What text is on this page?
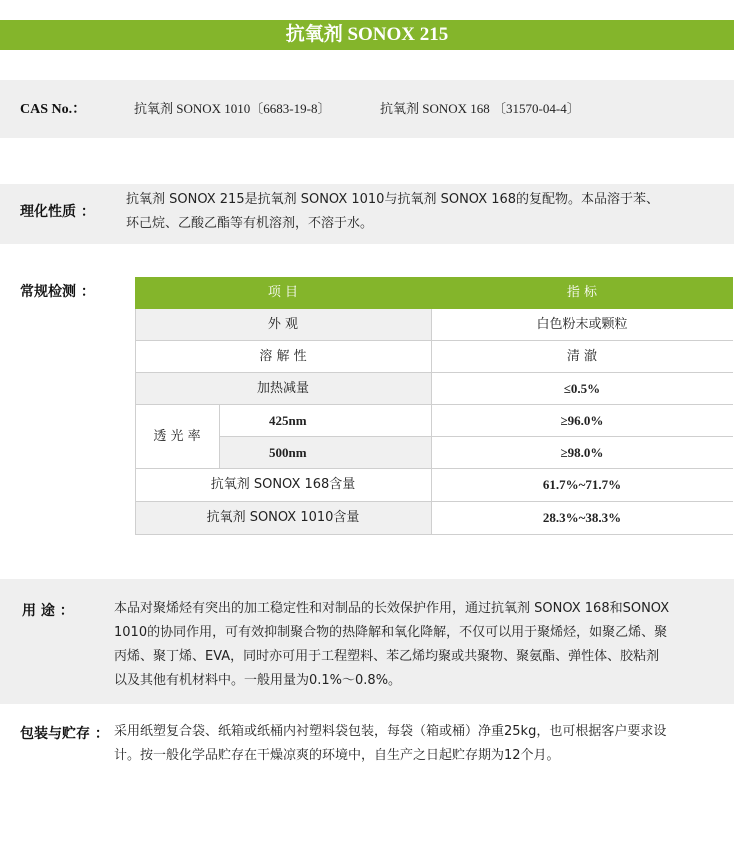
抗氧剂 SONOX 215
CAS No.：	抗氧剂 SONOX 1010〔6683-19-8〕	抗氧剂 SONOX 168 〔31570-04-4〕
理化性质 ：
抗氧剂 SONOX 215是抗氧剂 SONOX 1010与抗氧剂 SONOX 168的复配物。本品溶于苯、
环己烷、乙酸乙酯等有机溶剂，不溶于水。
常规检测 ：	项 目	指 标
外 观	白色粉末或颗粒
溶 解 性	清 澈
加热减量	≤0.5%
透 光 率
425nm	≥96.0%
500nm	≥98.0%
抗氧剂 SONOX 168含量	61.7%~71.7%
抗氧剂 SONOX 1010含量	28.3%~38.3%
用 途 ：	本品对聚烯烃有突出的加工稳定性和对制品的长效保护作用，通过抗氧剂 SONOX 168和SONOX
1010的协同作用，可有效抑制聚合物的热降解和氧化降解，不仅可以用于聚烯烃，如聚乙烯、聚
丙烯、聚丁烯、EVA，同时亦可用于工程塑料、苯乙烯均聚或共聚物、聚氨酯、弹性体、胶粘剂
以及其他有机材料中。一般用量为0.1%～0.8%。
包装与贮存 ： 采用纸塑复合袋、纸箱或纸桶内衬塑料袋包装，每袋（箱或桶）净重25kg，也可根据客户要求设
计。按一般化学品贮存在干燥凉爽的环境中，自生产之日起贮存期为12个月。
